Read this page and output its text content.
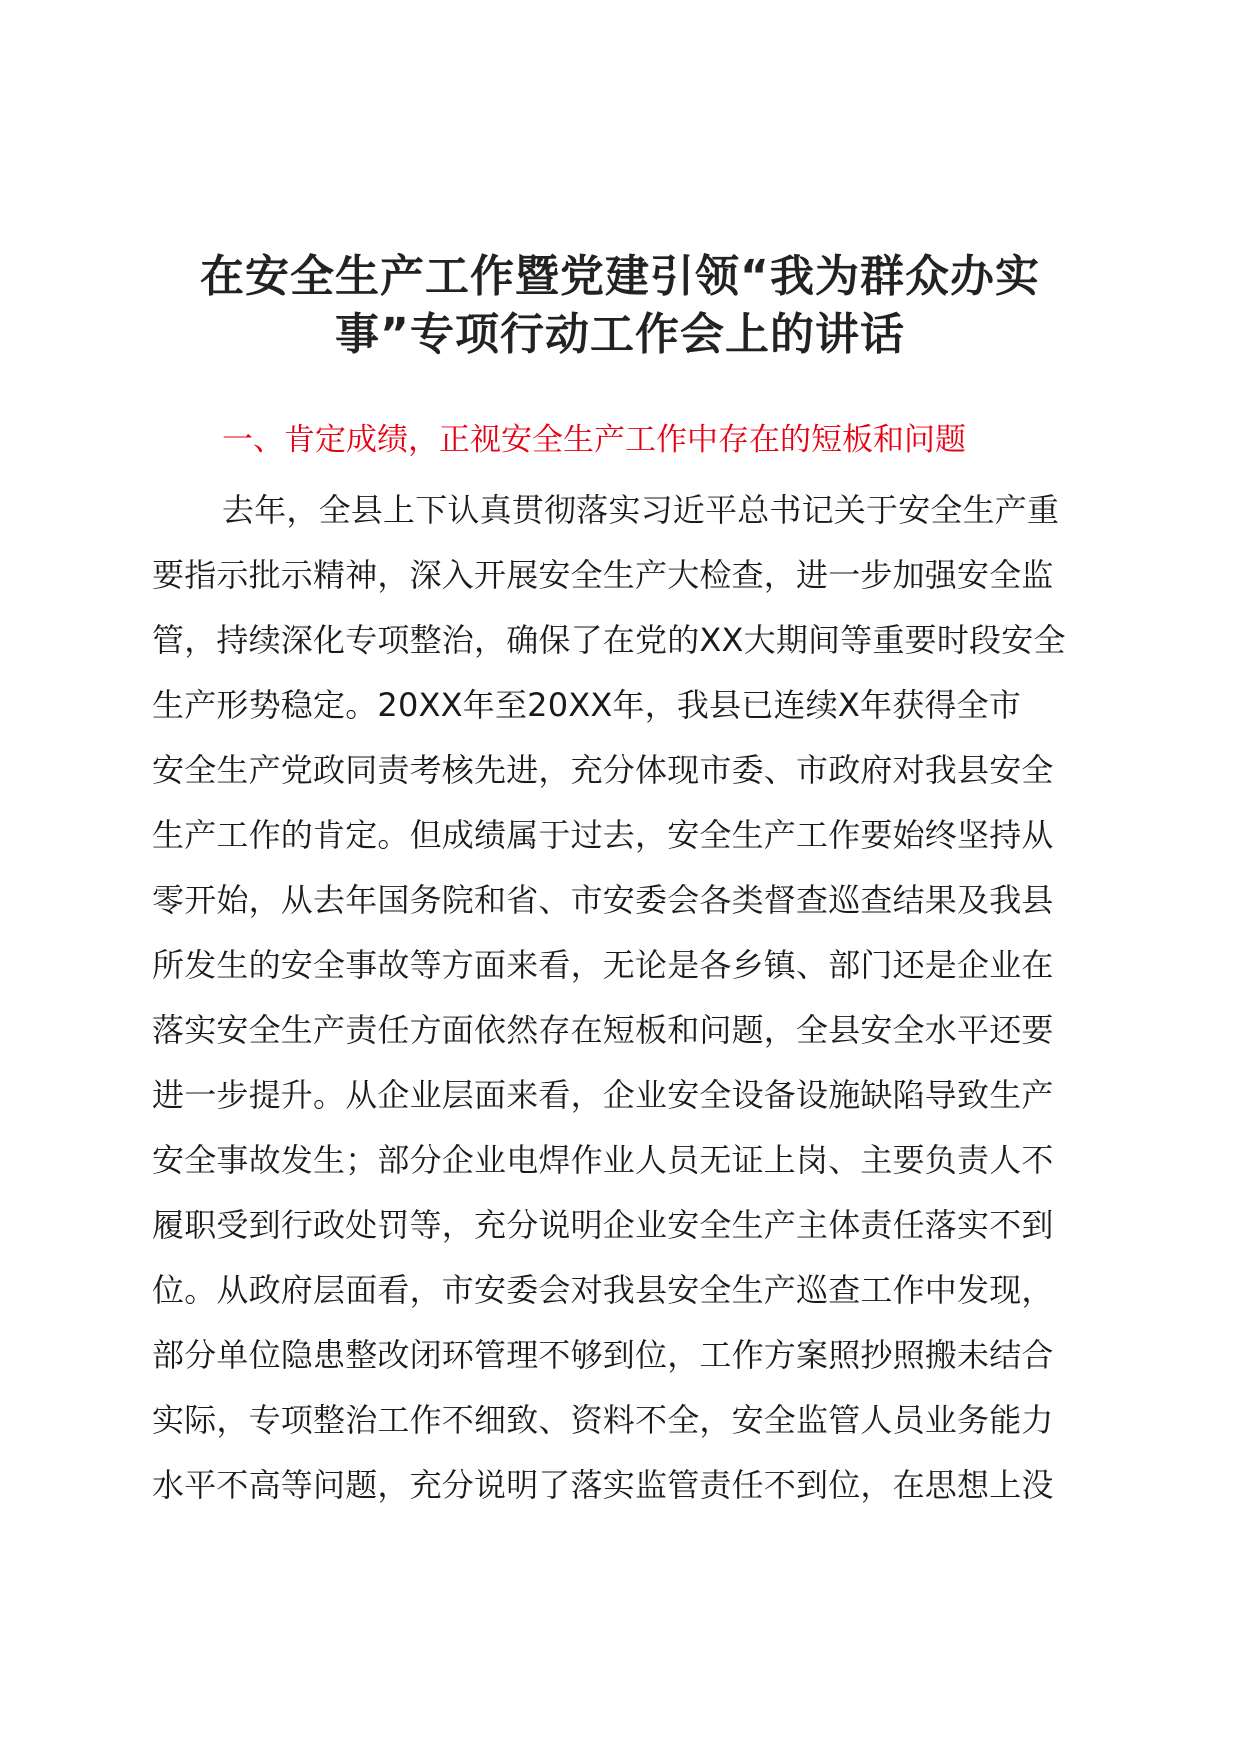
在安全生产工作暨党建引领“我为群众办实
事”专项行动工作会上的讲话
一、肯定成绩，正视安全生产工作中存在的短板和问题
去年，全县上下认真贯彻落实习近平总书记关于安全生产重
要指示批示精神，深入开展安全生产大检查，进一步加强安全监
管，持续深化专项整治，确保了在党的XX大期间等重要时段安全
生产形势稳定。20XX年至20XX年，我县已连续X年获得全市
安全生产党政同责考核先进，充分体现市委、市政府对我县安全
生产工作的肯定。但成绩属于过去，安全生产工作要始终坚持从
零开始，从去年国务院和省、市安委会各类督查巡查结果及我县
所发生的安全事故等方面来看，无论是各乡镇、部门还是企业在
落实安全生产责任方面依然存在短板和问题，全县安全水平还要
进一步提升。从企业层面来看，企业安全设备设施缺陷导致生产
安全事故发生；部分企业电焊作业人员无证上岗、主要负责人不
履职受到行政处罚等，充分说明企业安全生产主体责任落实不到
位。从政府层面看，市安委会对我县安全生产巡查工作中发现，
部分单位隐患整改闭环管理不够到位，工作方案照抄照搬未结合
实际，专项整治工作不细致、资料不全，安全监管人员业务能力
水平不高等问题，充分说明了落实监管责任不到位，在思想上没
